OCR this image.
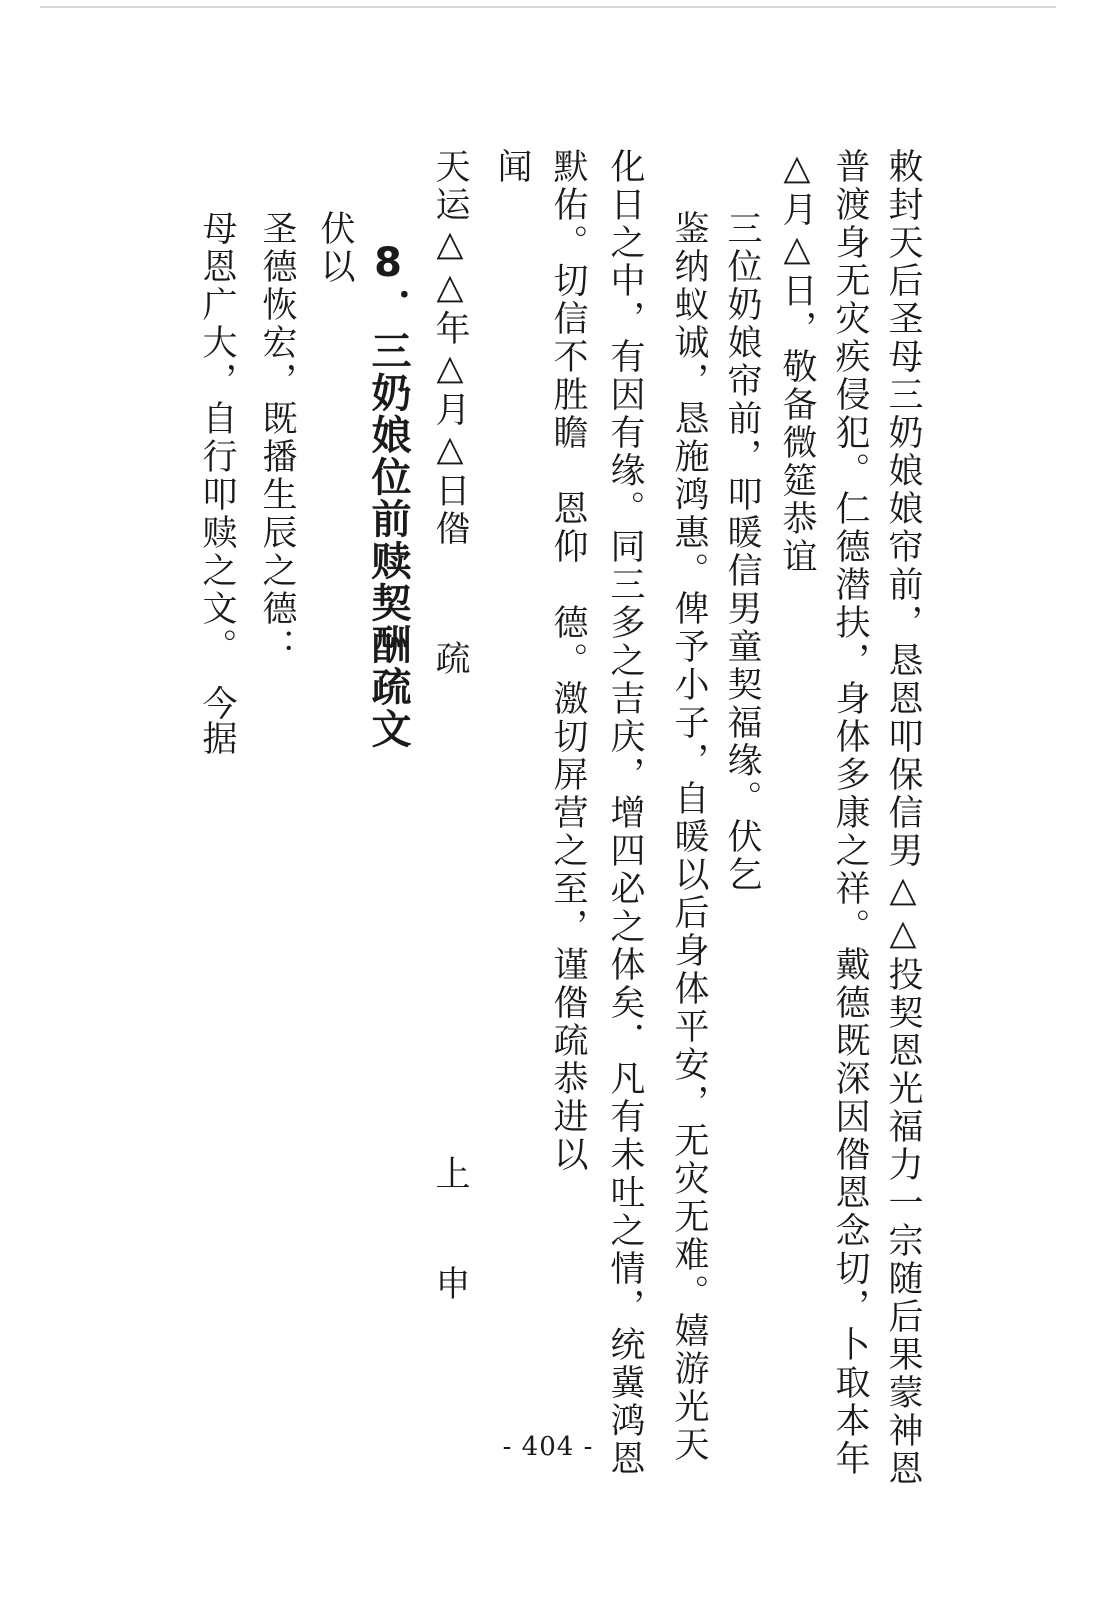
敕封天后圣母三奶娘娘帘前，恳恩叩保信男△△投契恩光福力一宗随后果蒙神恩
普渡身无灾疾侵犯。仁德潜扶，身体多康之祥。戴德既深因偺恩念切，卜取本年
△月△日，敬备微筵恭谊
三位奶娘帘前，叩暖信男童契福缘。伏乞
鉴纳蚁诚，恳施鸿惠。俾予小子，自暖以后身体平安，无灾无难。嬉游光天
化日之中，有因有缘。同三多之吉庆，增四必之体矣．凡有未吐之情，统冀鸿恩
默佑。切信不胜瞻　恩仰　德。激切屏营之至，谨偺疏恭进以
闻
天运△△年△月△日偺
疏
上
申
8．三奶娘位前赎契酬疏文
伏以
圣德恢宏，既播生辰之德：
母恩广大，自行叩赎之文。
今据
- 404 -
